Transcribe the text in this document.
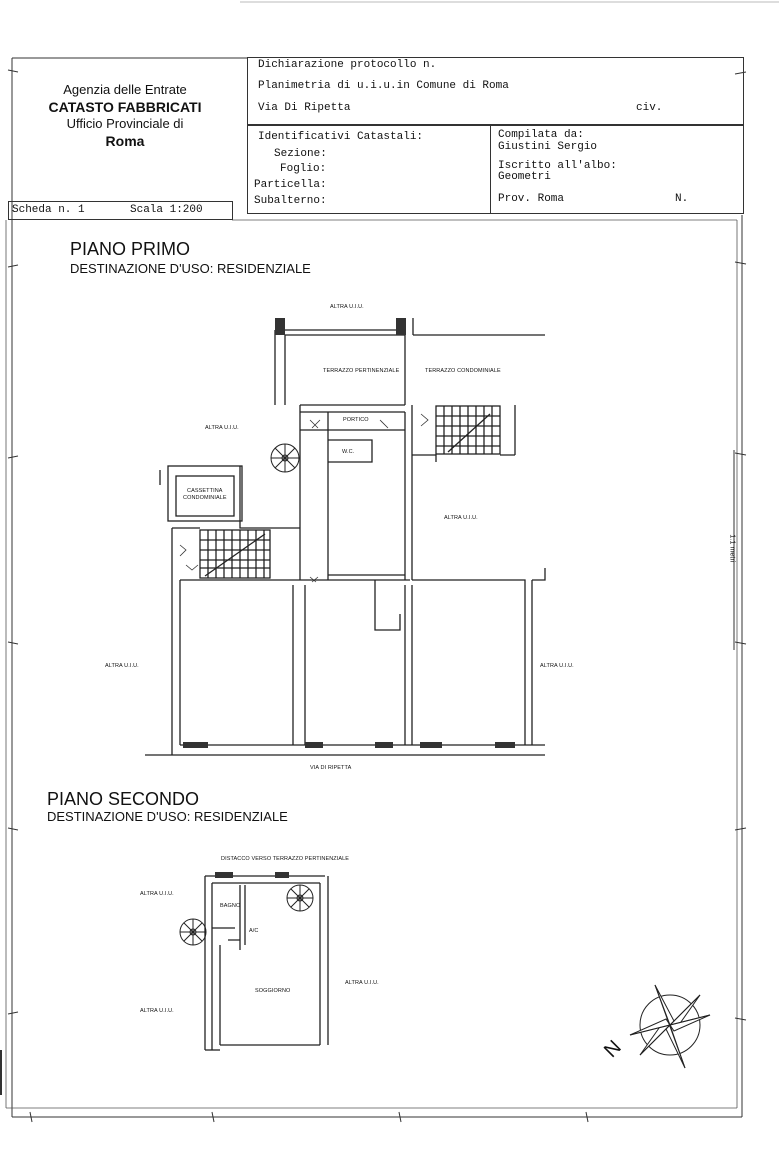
Agenzia delle Entrate
CATASTO FABBRICATI
Ufficio Provinciale di
Roma
Dichiarazione protocollo n.
Planimetria di u.i.u.in Comune di Roma
Via Di Ripetta	civ.
Identificativi Catastali:
Sezione:
Foglio:
Particella:
Subalterno:
Compilata da:
Giustini Sergio
Iscritto all'albo:
Geometri
Prov. Roma	N.
Scheda n. 1	Scala 1:200
PIANO PRIMO
DESTINAZIONE D'USO: RESIDENZIALE
ALTRA U.I.U.
TERRAZZO PERTINENZIALE	TERRAZZO CONDOMINIALE
ALTRA U.I.U.
PORTICO
W.C.
CASSETTINA
CONDOMINIALE
ALTRA U.I.U.
ALTRA U.I.U.	ALTRA U.I.U.
VIA DI RIPETTA
PIANO SECONDO
DESTINAZIONE D'USO: RESIDENZIALE
DISTACCO VERSO TERRAZZO PERTINENZIALE
ALTRA U.I.U.
BAGNO
A/C
SOGGIORNO
ALTRA U.I.U.
ALTRA U.I.U.
1:1 metri
N
